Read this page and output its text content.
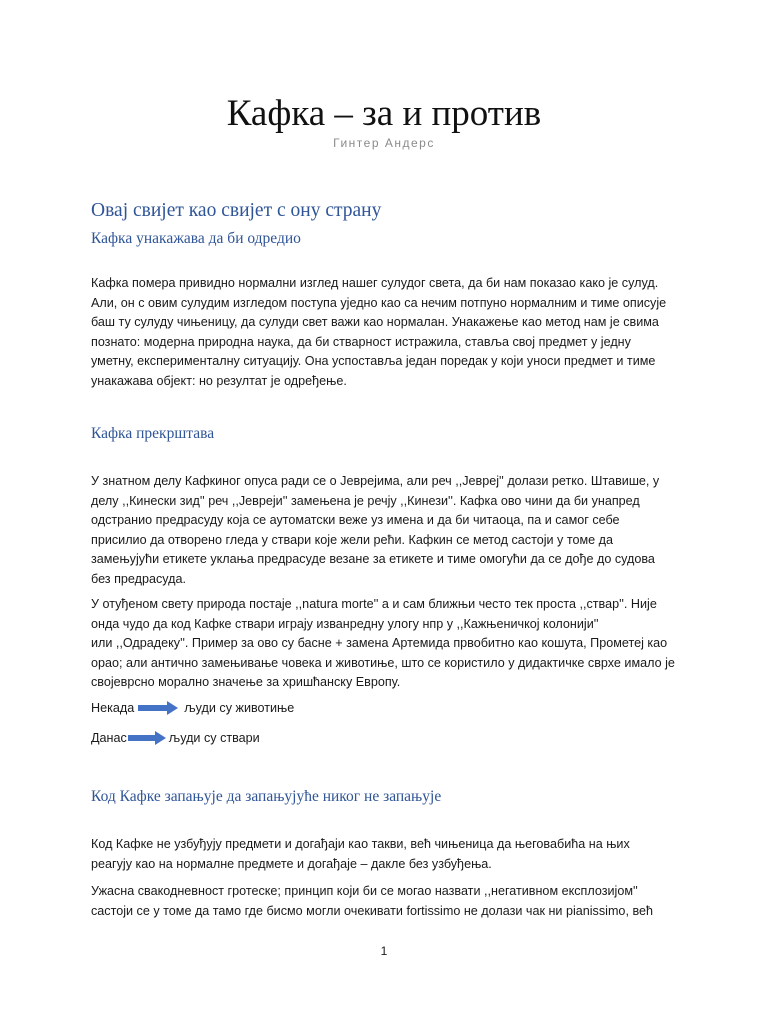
Кафка – за и против
Гинтер Андерс
Овај свијет као свијет с ону страну
Кафка унакажава да би одредио

Кафка помера привидно нормални изглед нашег сулудог света, да би нам показао како је сулуд.
Али, он с овим сулудим изгледом поступа уједно као са нечим потпуно нормалним и тиме описује
баш ту сулуду чињеницу, да сулуди свет важи као нормалан. Унакажење као метод нам је свима
познато: модерна природна наука, да би стварност истражила, ставља свој предмет у једну
уметну, експерименталну ситуацију. Она успоставља један поредак у који уноси предмет и тиме
унакажава објект: но резултат је одређење.

Кафка прекрштава

У знатном делу Кафкиног опуса ради се о Јеврејима, али реч ,,Јеврej'' долази ретко. Штавише, у
делу ,,Кинески зид'' реч ,,Јевреји'' замењена је речју ,,Кинези''. Кафка ово чини да би унапред
одстранио предрасуду која се аутоматски веже уз имена и да би читаоца, па и самог себе
присилио да отворено гледа у ствари које жели рећи. Кафкин се метод састоји у томе да
замењујући етикете уклања предрасуде везане за етикете и тиме омогући да се дође до судова
без предрасуда.

У отуђеном свету природа постаје ,,natura morte'' а и сам ближњи често тек проста ,,ствар''. Није
онда чудо да код Кафке ствари играју изванредну улогу нпр у ,,Кажњеничкој колонији''
или ,,Одрадеку''. Пример за ово су басне + замена Артемида првобитно као кошута, Прометеј као
орао; али антично замењивање човека и животиње, што се користило у дидактичке сврхе имало је
својеврсно морално значење за хришћанску Европу.

Некада	људи су животиње
Данас	људи су ствари
Код Кафке запањује да запањујуће никог не запањује

Код Кафке не узбуђују предмети и догађаји као такви, већ чињеница да његовабића на њих
реагују као на нормалне предмете и догађаје – дакле без узбуђења.

Ужасна свакодневност гротеске; принцип који би се могао назвати ,,негативном експлозијом''
састоји се у томе да тамо где бисмо могли очекивати fortissimo не долази чак ни pianissimo, већ

1
